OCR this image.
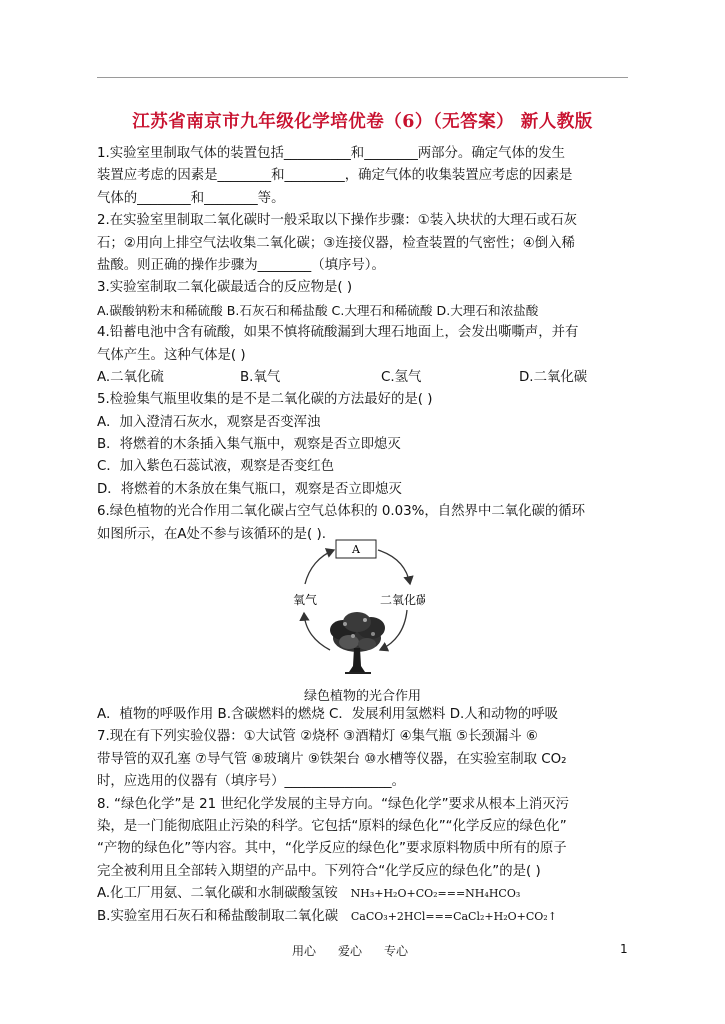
江苏省南京市九年级化学培优卷（6）（无答案） 新人教版
1.实验室里制取气体的装置包括__________和________两部分。确定气体的发生
装置应考虑的因素是________和_________，确定气体的收集装置应考虑的因素是
气体的________和________等。
2.在实验室里制取二氧化碳时一般采取以下操作步骤：①装入块状的大理石或石灰
石；②用向上排空气法收集二氧化碳；③连接仪器，检查装置的气密性；④倒入稀
盐酸。则正确的操作步骤为________（填序号）。
3.实验室制取二氧化碳最适合的反应物是( )
A.碳酸钠粉末和稀硫酸 B.石灰石和稀盐酸 C.大理石和稀硫酸 D.大理石和浓盐酸
4.铅蓄电池中含有硫酸，如果不慎将硫酸漏到大理石地面上，会发出嘶嘶声，并有
气体产生。这种气体是( )
A.二氧化硫	B.氧气	C.氢气	D.二氧化碳
5.检验集气瓶里收集的是不是二氧化碳的方法最好的是( )
A．加入澄清石灰水，观察是否变浑浊
B．将燃着的木条插入集气瓶中，观察是否立即熄灭
C．加入紫色石蕊试液，观察是否变红色
D．将燃着的木条放在集气瓶口，观察是否立即熄灭
6.绿色植物的光合作用二氧化碳占空气总体积的 0.03%，自然界中二氧化碳的循环
如图所示，在A处不参与该循环的是( ).
A
氧气	二氧化碳
绿色植物的光合作用
A．植物的呼吸作用 B.含碳燃料的燃烧 C．发展利用氢燃料 D.人和动物的呼吸
7.现在有下列实验仪器：①大试管 ②烧杯 ③酒精灯 ④集气瓶 ⑤长颈漏斗 ⑥
带导管的双孔塞 ⑦导气管 ⑧玻璃片 ⑨铁架台 ⑩水槽等仪器，在实验室制取 CO₂
时，应选用的仪器有（填序号）________________。
8. “绿色化学”是 21 世纪化学发展的主导方向。“绿色化学”要求从根本上消灭污
染，是一门能彻底阻止污染的科学。它包括“原料的绿色化”“化学反应的绿色化”
“产物的绿色化”等内容。其中，“化学反应的绿色化”要求原料物质中所有的原子
完全被利用且全部转入期望的产品中。下列符合“化学反应的绿色化”的是( )
A.化工厂用氨、二氧化碳和水制碳酸氢铵 NH₃+H₂O+CO₂===NH₄HCO₃
B.实验室用石灰石和稀盐酸制取二氧化碳 CaCO₃+2HCl===CaCl₂+H₂O+CO₂↑
用心 爱心 专心	1
